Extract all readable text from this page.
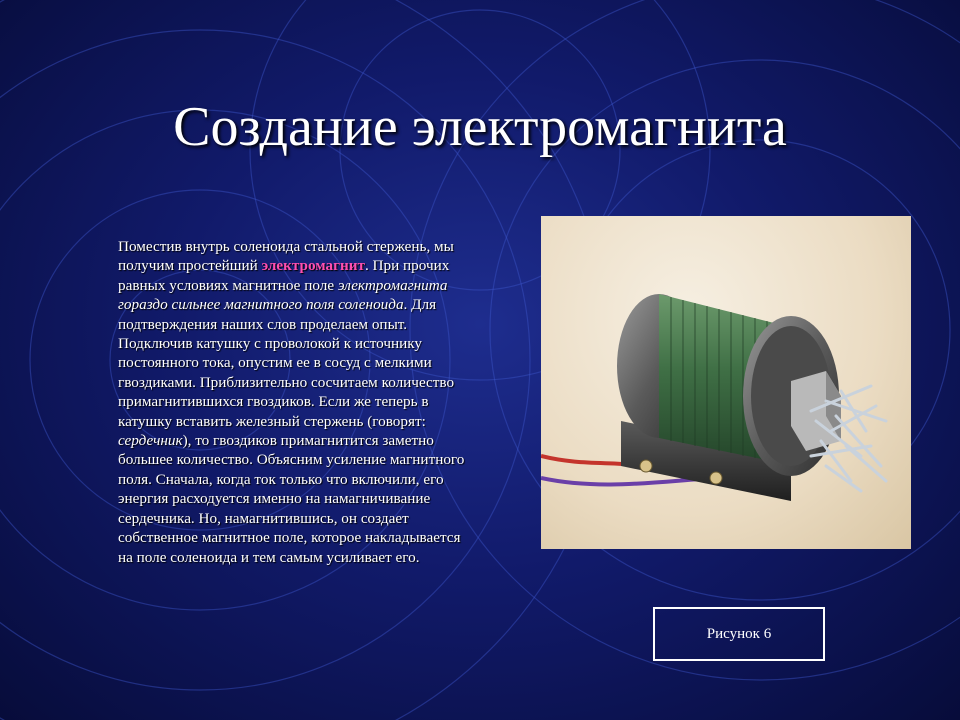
Создание электромагнита
Поместив внутрь соленоида стальной стержень, мы получим простейший электромагнит. При прочих равных условиях магнитное поле электромагнита гораздо сильнее магнитного поля соленоида. Для подтверждения наших слов проделаем опыт. Подключив катушку с проволокой к источнику постоянного тока, опустим ее в сосуд с мелкими гвоздиками. Приблизительно сосчитаем количество примагнитившихся гвоздиков. Если же теперь в катушку вставить железный стержень (говорят: сердечник), то гвоздиков примагнитится заметно большее количество. Объясним усиление магнитного поля. Сначала, когда ток только что включили, его энергия расходуется именно на намагничивание сердечника. Но, намагнитившись, он создает собственное магнитное поле, которое накладывается на поле соленоида и тем самым усиливает его.
Рисунок 6
